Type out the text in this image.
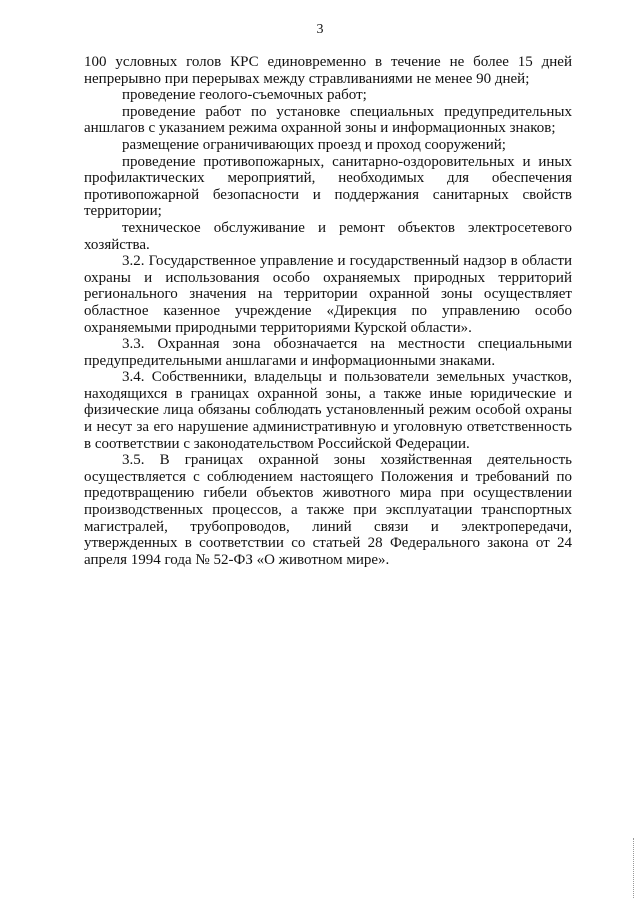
3

100 условных голов КРС единовременно в течение не более 15 дней непрерывно при перерывах между стравливаниями не менее 90 дней;

проведение геолого-съемочных работ;

проведение работ по установке специальных предупредительных аншлагов с указанием режима охранной зоны и информационных знаков;

размещение ограничивающих проезд и проход сооружений;

проведение противопожарных, санитарно-оздоровительных и иных профилактических мероприятий, необходимых для обеспечения противопожарной безопасности и поддержания санитарных свойств территории;

техническое обслуживание и ремонт объектов электросетевого хозяйства.

3.2. Государственное управление и государственный надзор в области охраны и использования особо охраняемых природных территорий регионального значения на территории охранной зоны осуществляет областное казенное учреждение «Дирекция по управлению особо охраняемыми природными территориями Курской области».

3.3. Охранная зона обозначается на местности специальными предупредительными аншлагами и информационными знаками.

3.4. Собственники, владельцы и пользователи земельных участков, находящихся в границах охранной зоны, а также иные юридические и физические лица обязаны соблюдать установленный режим особой охраны и несут за его нарушение административную и уголовную ответственность в соответствии с законодательством Российской Федерации.

3.5. В границах охранной зоны хозяйственная деятельность осуществляется с соблюдением настоящего Положения и требований по предотвращению гибели объектов животного мира при осуществлении производственных процессов, а также при эксплуатации транспортных магистралей, трубопроводов, линий связи и электропередачи, утвержденных в соответствии со статьей 28 Федерального закона от 24 апреля 1994 года № 52-ФЗ «О животном мире».
